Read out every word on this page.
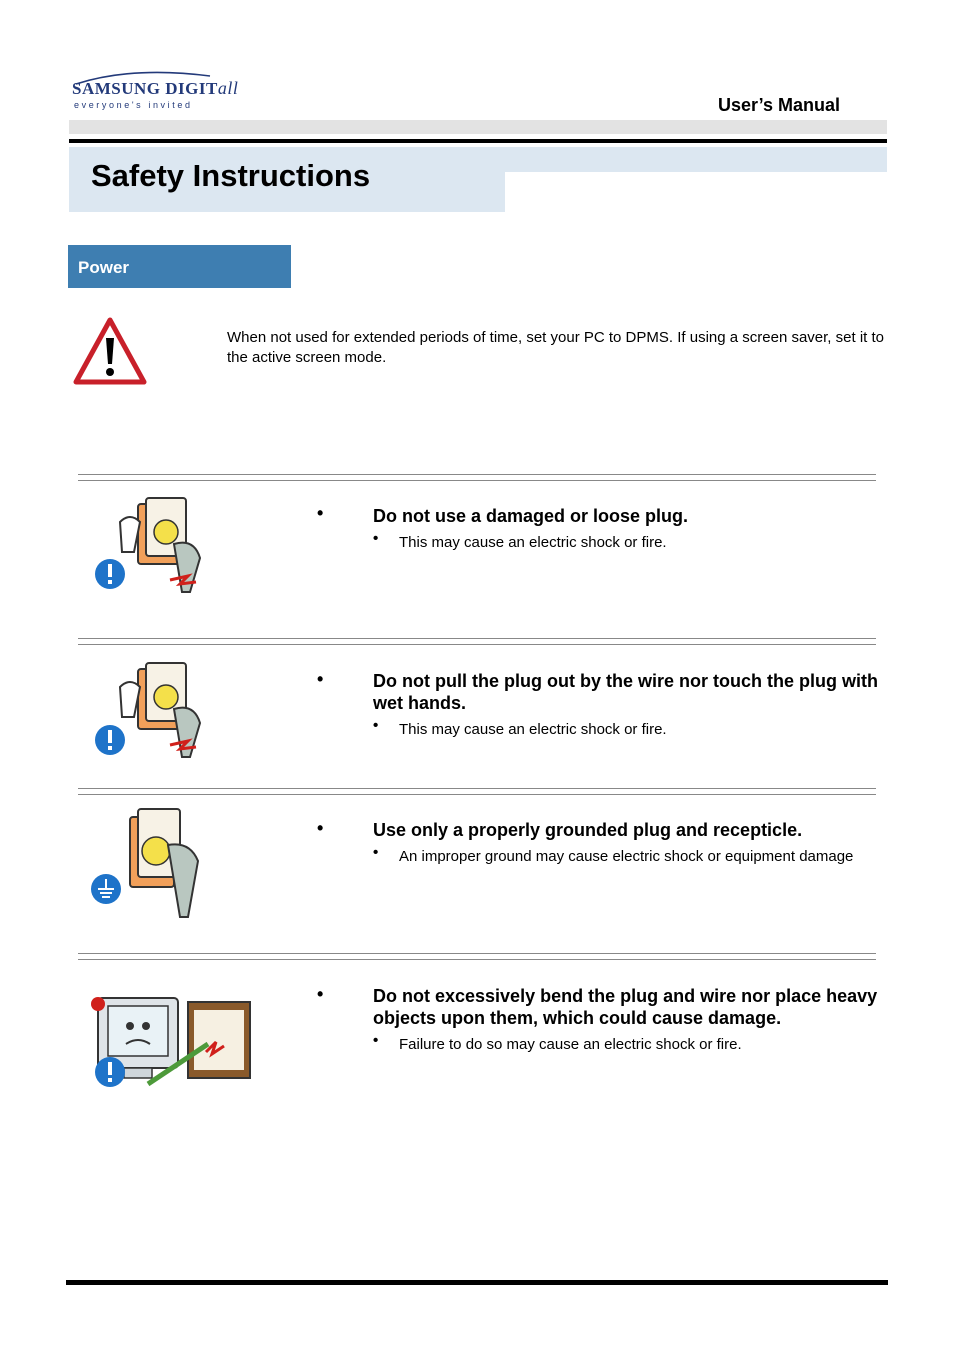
SAMSUNG DIGITall
everyone's invited	User’s Manual
Safety Instructions
Power
When not used for extended periods of time, set your PC to DPMS. If using a screen saver, set it to the active screen mode.
•	Do not use a damaged or loose plug.
• This may cause an electric shock or fire.
•	Do not pull the plug out by the wire nor touch the plug with wet hands.
• This may cause an electric shock or fire.
•	Use only a properly grounded plug and recepticle.
• An improper ground may cause electric shock or equipment damage
•	Do not excessively bend the plug and wire nor place heavy objects upon them, which could cause damage.
• Failure to do so may cause an electric shock or fire.
